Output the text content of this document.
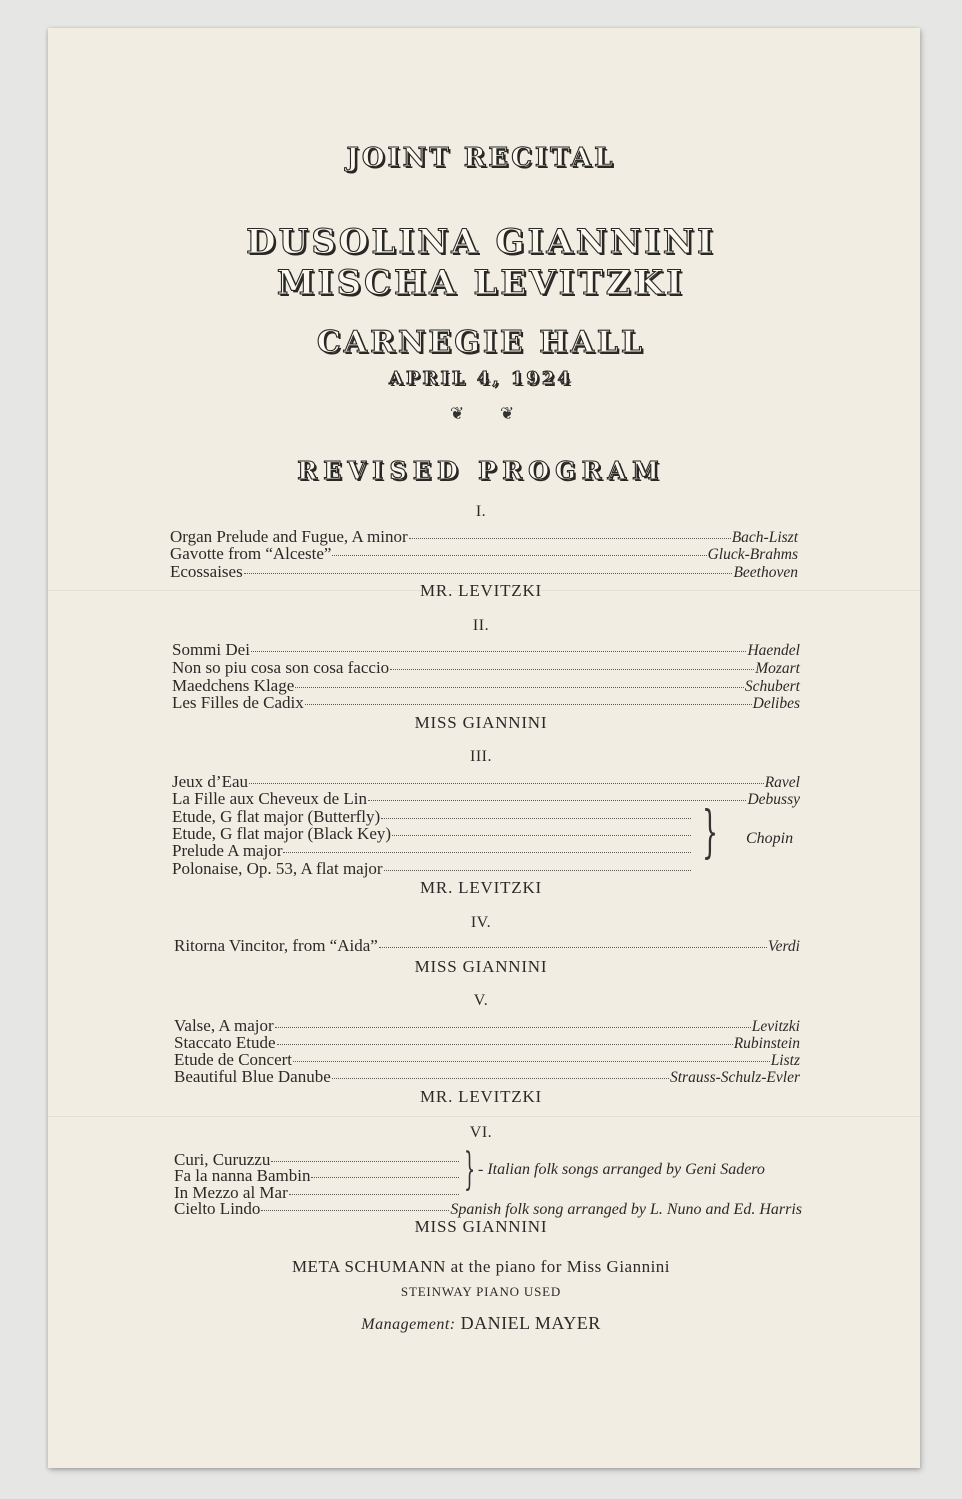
JOINT RECITAL
DUSOLINA GIANNINI
MISCHA LEVITZKI
CARNEGIE HALL
APRIL 4, 1924
❦ ❦
REVISED PROGRAM
I.
Organ Prelude and Fugue, A minor	Bach-Liszt
Gavotte from “Alceste”	Gluck-Brahms
Ecossaises	Beethoven
MR. LEVITZKI
II.
Sommi Dei	Haendel
Non so piu cosa son cosa faccio	Mozart
Maedchens Klage	Schubert
Les Filles de Cadix	Delibes
MISS GIANNINI
III.
Jeux d’Eau	Ravel
La Fille aux Cheveux de Lin	Debussy
Etude, G flat major (Butterfly)
Etude, G flat major (Black Key)
Prelude A major
Polonaise, Op. 53, A flat major
} Chopin
MR. LEVITZKI
IV.
Ritorna Vincitor, from “Aida”	Verdi
MISS GIANNINI
V.
Valse, A major	Levitzki
Staccato Etude	Rubinstein
Etude de Concert	Listz
Beautiful Blue Danube	Strauss-Schulz-Evler
MR. LEVITZKI
VI.
Curi, Curuzzu
Fa la nanna Bambin
In Mezzo al Mar	} - Italian folk songs arranged by Geni Sadero
Cielto Lindo	Spanish folk song arranged by L. Nuno and Ed. Harris
MISS GIANNINI
META SCHUMANN at the piano for Miss Giannini
STEINWAY PIANO USED
Management: DANIEL MAYER
